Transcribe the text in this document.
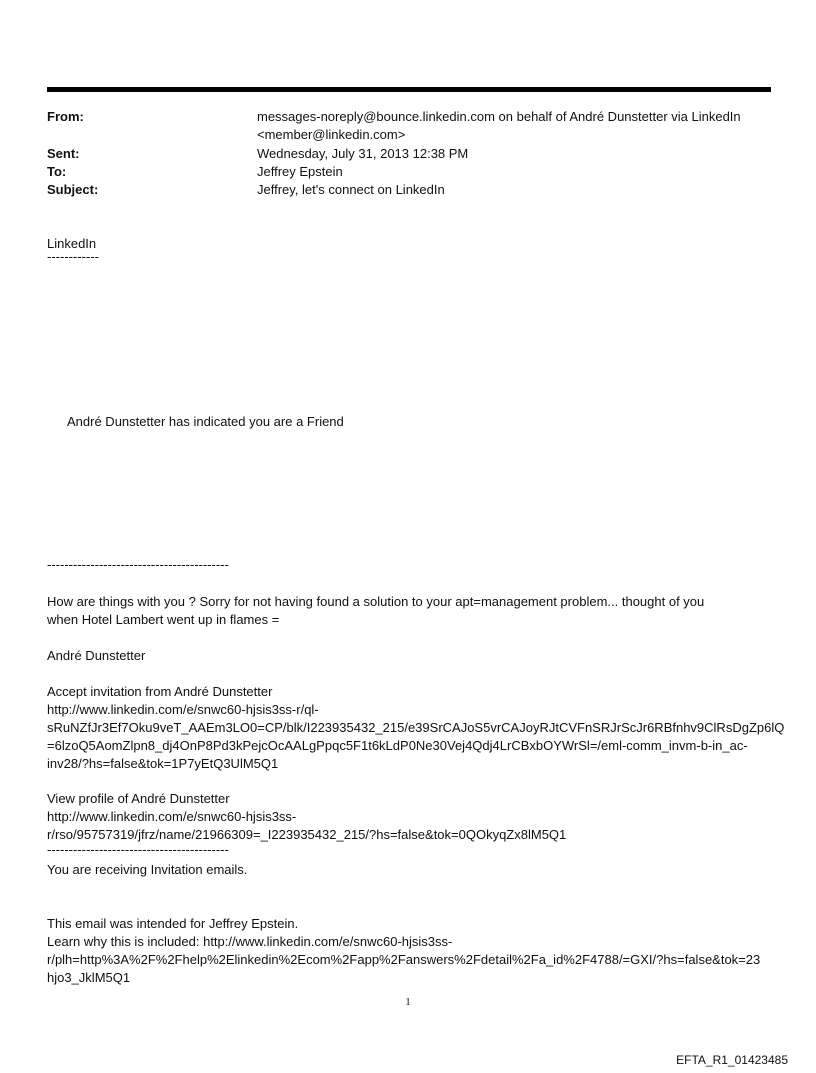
From:	messages-noreply@bounce.linkedin.com on behalf of André Dunstetter via LinkedIn
<member@linkedin.com>
Sent:	Wednesday, July 31, 2013 12:38 PM
To:	Jeffrey Epstein
Subject:	Jeffrey, let's connect on LinkedIn
LinkedIn
------------
André Dunstetter has indicated you are a Friend
------------------------------------------
How are things with you ? Sorry for not having found a solution to your apt=management problem... thought of you
when Hotel Lambert went up in flames =
André Dunstetter
Accept invitation from André Dunstetter
http://www.linkedin.com/e/snwc60-hjsis3ss-r/ql-
sRuNZfJr3Ef7Oku9veT_AAEm3LO0=CP/blk/I223935432_215/e39SrCAJoS5vrCAJoyRJtCVFnSRJrScJr6RBfnhv9ClRsDgZp6lQ
=6lzoQ5AomZlpn8_dj4OnP8Pd3kPejcOcAALgPpqc5F1t6kLdP0Ne30Vej4Qdj4LrCBxbOYWrSl=/eml-comm_invm-b-in_ac-
inv28/?hs=false&tok=1P7yEtQ3UlM5Q1
View profile of André Dunstetter
http://www.linkedin.com/e/snwc60-hjsis3ss-
r/rso/95757319/jfrz/name/21966309=_I223935432_215/?hs=false&tok=0QOkyqZx8lM5Q1
------------------------------------------
You are receiving Invitation emails.
This email was intended for Jeffrey Epstein.
Learn why this is included: http://www.linkedin.com/e/snwc60-hjsis3ss-
r/plh=http%3A%2F%2Fhelp%2Elinkedin%2Ecom%2Fapp%2Fanswers%2Fdetail%2Fa_id%2F4788/=GXI/?hs=false&tok=23
hjo3_JklM5Q1
1
EFTA_R1_01423485
